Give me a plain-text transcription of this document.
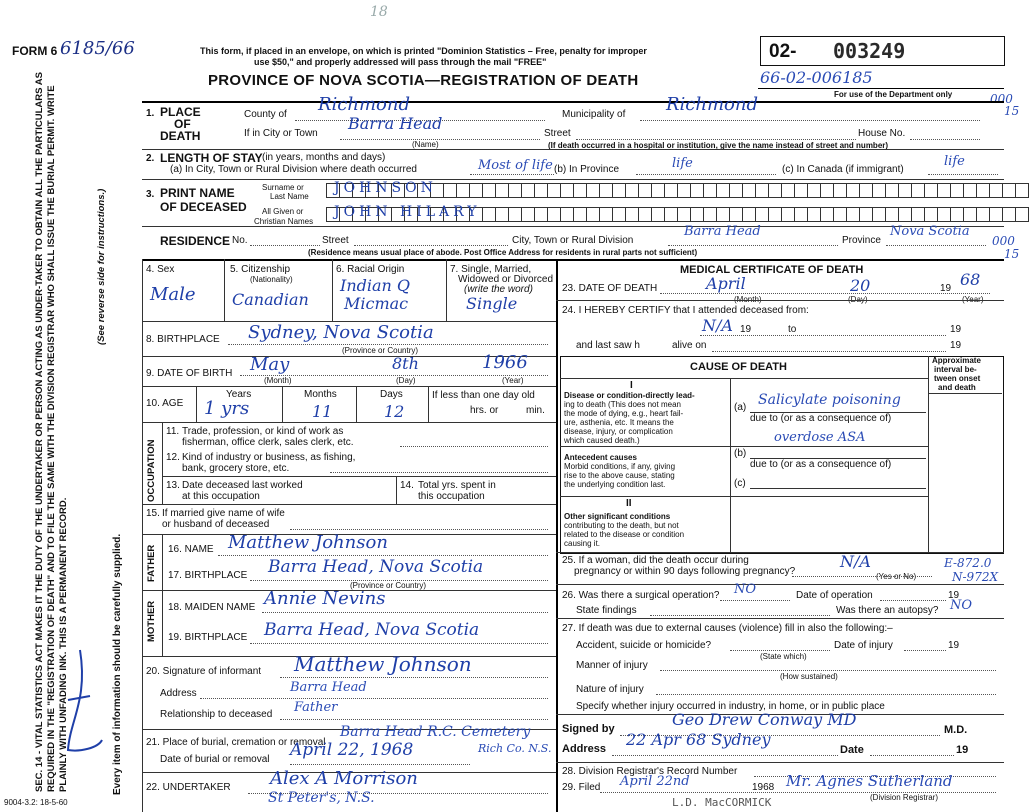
FORM 6 6185/66
18
This form, if placed in an envelope, on which is printed "Dominion Statistics – Free, penalty for improper
use $50," and properly addressed will pass through the mail "FREE"
PROVINCE OF NOVA SCOTIA—REGISTRATION OF DEATH
02- 003249
66-02-006185
For use of the Department only	000
15
000
15
SEC. 14 - VITAL STATISTICS ACT MAKES IT THE DUTY OF THE UNDERTAKER OR PERSON ACTING AS UNDER-TAKER TO OBTAIN ALL THE PARTICULARS AS REQUIRED IN THE "REGISTRATION OF DEATH" AND TO FILE THE SAME WITH THE DIVISION REGISTRAR WHO SHALL ISSUE THE BURIAL PERMIT. WRITE PLAINLY WITH UNFADING INK. THIS IS A PERMANENT RECORD.
(See reverse side for instructions.)
Every item of information should be carefully supplied.
1. PLACE
OF
DEATH
County of Richmond	Municipality of Richmond
If in City or Town
Barra Head
(Name)
Street	House No.
(If death occurred in a hospital or institution, give the name instead of street and number)
2. LENGTH OF STAY (in years, months and days)
(a) In City, Town or Rural Division where death occurred	Most of life (b) In Province	life	(c) In Canada (if immigrant)
life
3. PRINT NAME
OF DECEASED
Surname or
Last Name
All Given or
Christian Names
JOHNSON
JOHN HILARY
RESIDENCE No.	Street	City, Town or Rural Division
Barra Head
Province
Nova Scotia
(Residence means usual place of abode. Post Office Address for residents in rural parts not sufficient)
4. Sex
Male
5. Citizenship
(Nationality)
Canadian
6. Racial Origin
Indian Q
Micmac
7. Single, Married,
Widowed or Divorced
(write the word)
Single
8. BIRTHPLACE Sydney, Nova Scotia
(Province or Country)
9. DATE OF BIRTH May	8th	1966
(Month)	(Day)	(Year)
10. AGE
Years
1 yrs
Months
11
Days
12
If less than one day old
hrs. or	min.
OCCUPATION
11. Trade, profession, or kind of work as
fisherman, office clerk, sales clerk, etc.
12. Kind of industry or business, as fishing,
bank, grocery store, etc.
13. Date deceased last worked
at this occupation
14. Total yrs. spent in
this occupation
15. If married give name of wife
or husband of deceased
FATHER 16. NAME Matthew Johnson
17. BIRTHPLACE Barra Head, Nova Scotia
(Province or Country)
MOTHER 18. MAIDEN NAME Annie Nevins
19. BIRTHPLACE Barra Head, Nova Scotia
20. Signature of informant Matthew Johnson
Address	Barra Head
Relationship to deceased Father
21. Place of burial, cremation or removal
Barra Head R.C. Cemetery
Date of burial or removal April 22, 1968	Rich Co. N.S.
22. UNDERTAKER Alex A Morrison
St Peter's, N.S.
9004-3.2: 18-5-60
MEDICAL CERTIFICATE OF DEATH
23. DATE OF DEATH	April	20	19 68
(Month)	(Day)	(Year)
24. I HEREBY CERTIFY that I attended deceased from:
N/A 19	to	19
and last saw h	alive on	19
CAUSE OF DEATH
Approximate
interval be-
tween onset
and death
I
Disease or condition-directly lead-
ing to death (This does not mean
the mode of dying, e.g., heart fail-
ure, asthenia, etc. It means the
disease, injury, or complication
which caused death.)
(a) Salicylate poisoning
due to (or as a consequence of)
overdose ASA
Antecedent causes
Morbid conditions, if any, giving
rise to the above cause, stating
the underlying condition last.
(b)
due to (or as a consequence of)
(c)
II
Other significant conditions
contributing to the death, but not
related to the disease or condition
causing it.
25. If a woman, did the death occur during
pregnancy or within 90 days following pregnancy?
N/A
(Yes or No)
E-872.0
N-972X
26. Was there a surgical operation? NO	Date of operation	19
State findings	Was there an autopsy? NO
27. If death was due to external causes (violence) fill in also the following:–
Accident, suicide or homicide?
(State which)
Date of injury	19
Manner of injury
(How sustained)
Nature of injury
Specify whether injury occurred in industry, in home, or in public place
Signed by	Geo Drew Conway MD
M.D.
Address 22 Apr 68 Sydney
Date	19
28. Division Registrar's Record Number
29. Filed April 22nd	1968 Mr. Agnes Sutherland
(Division Registrar)
L.D. MacCORMICK
